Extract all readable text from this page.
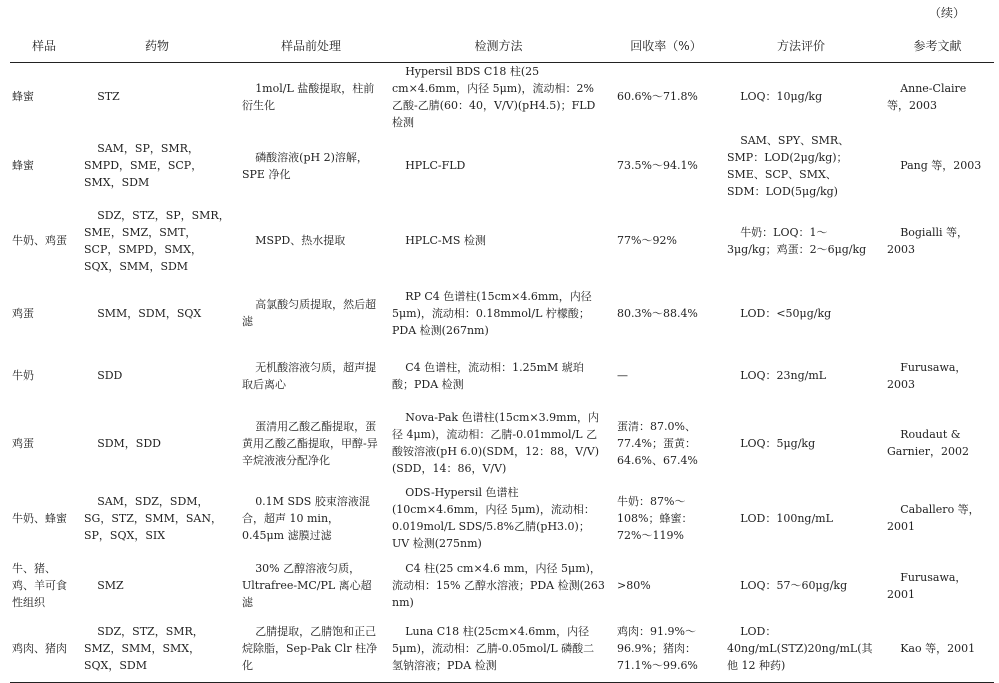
（续）
样品	药物	样品前处理	检测方法	回收率（%）	方法评价	参考文献
蜂蜜	STZ	1mol/L 盐酸提取，柱前衍生化	Hypersil BDS C18 柱(25 cm×4.6mm，内径 5μm)，流动相：2% 乙酸-乙腈(60：40，V/V)(pH4.5)；FLD 检测	60.6%～71.8%	LOQ：10μg/kg	Anne-Claire 等，2003
蜂蜜	SAM，SP，SMR，SMPD，SME，SCP，SMX，SDM	磷酸溶液(pH 2)溶解，SPE 净化	HPLC-FLD	73.5%～94.1%	SAM、SPY、SMR、SMP：LOD(2μg/kg)；SME、SCP、SMX、SDM：LOD(5μg/kg)	Pang 等，2003
牛奶、鸡蛋	SDZ，STZ，SP，SMR，SME，SMZ，SMT，SCP，SMPD，SMX，SQX，SMM，SDM	MSPD、热水提取	HPLC-MS 检测	77%～92%	牛奶：LOQ：1～3μg/kg；鸡蛋：2～6μg/kg	Bogialli 等，2003
鸡蛋	SMM，SDM，SQX	高氯酸匀质提取，然后超滤	RP C4 色谱柱(15cm×4.6mm，内径 5μm)，流动相：0.18mmol/L 柠檬酸；PDA 检测(267nm)	80.3%～88.4%	LOD：<50μg/kg	
牛奶	SDD	无机酸溶液匀质，超声提取后离心	C4 色谱柱，流动相：1.25mM 琥珀酸；PDA 检测	—	LOQ：23ng/mL	Furusawa，2003
鸡蛋	SDM，SDD	蛋清用乙酸乙酯提取，蛋黄用乙酸乙酯提取，甲醇-异辛烷液液分配净化	Nova-Pak 色谱柱(15cm×3.9mm，内径 4μm)，流动相：乙腈-0.01mmol/L 乙酸铵溶液(pH 6.0)(SDM，12：88，V/V)(SDD，14：86，V/V)	蛋清：87.0%、77.4%；蛋黄：64.6%、67.4%	LOQ：5μg/kg	Roudaut & Garnier，2002
牛奶、蜂蜜	SAM，SDZ，SDM，SG，STZ，SMM，SAN，SP，SQX，SIX	0.1M SDS 胶束溶液混合，超声 10 min，0.45μm 滤膜过滤	ODS-Hypersil 色谱柱(10cm×4.6mm，内径 5μm)，流动相：0.019mol/L SDS/5.8%乙腈(pH3.0)；UV 检测(275nm)	牛奶：87%～108%；蜂蜜：72%～119%	LOD：100ng/mL	Caballero 等，2001
牛、猪、鸡、羊可食性组织	SMZ	30% 乙醇溶液匀质，Ultrafree-MC/PL 离心超滤	C4 柱(25 cm×4.6 mm，内径 5μm)，流动相：15% 乙醇水溶液；PDA 检测(263 nm)	>80%	LOQ：57～60μg/kg	Furusawa，2001
鸡肉、猪肉	SDZ，STZ，SMR，SMZ，SMM，SMX，SQX，SDM	乙腈提取，乙腈饱和正己烷除脂，Sep-Pak Clr 柱净化	Luna C18 柱(25cm×4.6mm，内径 5μm)，流动相：乙腈-0.05mol/L 磷酸二氢钠溶液；PDA 检测	鸡肉：91.9%～96.9%；猪肉：71.1%～99.6%	LOD：40ng/mL(STZ)20ng/mL(其他 12 种药)	Kao 等，2001
